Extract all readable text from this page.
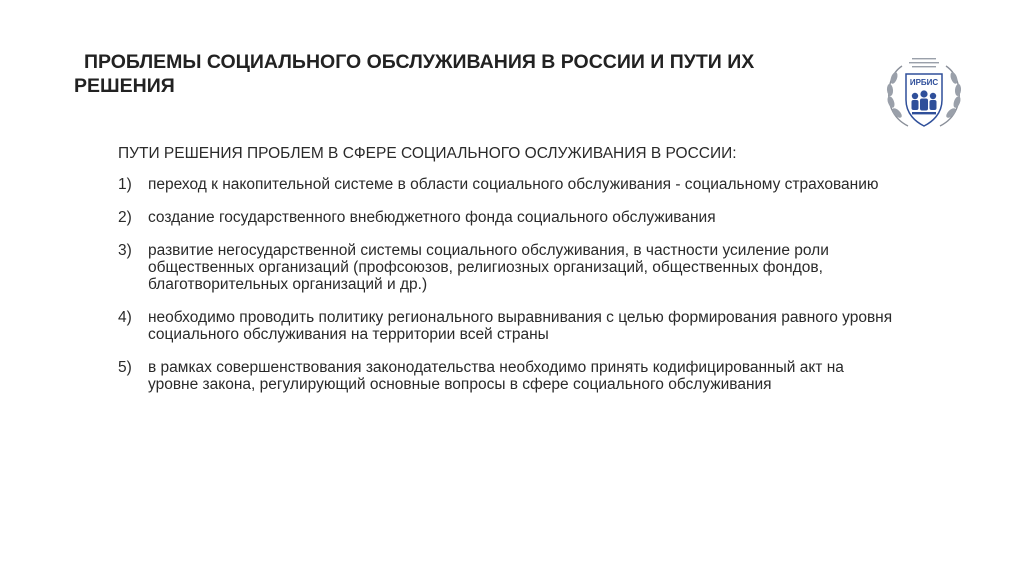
ПРОБЛЕМЫ СОЦИАЛЬНОГО ОБСЛУЖИВАНИЯ В РОССИИ И ПУТИ ИХ РЕШЕНИЯ	ИРБИС
ПУТИ РЕШЕНИЯ ПРОБЛЕМ В СФЕРЕ СОЦИАЛЬНОГО ОСЛУЖИВАНИЯ В РОССИИ:
1)	переход к накопительной системе в области социального обслуживания - социальному страхованию
2)	создание государственного внебюджетного фонда социального обслуживания
3)	развитие негосударственной системы социального обслуживания, в частности усиление роли общественных организаций (профсоюзов, религиозных организаций, общественных фондов, благотворительных организаций и др.)
4)	необходимо проводить политику регионального выравнивания с целью формирования равного уровня социального обслуживания на территории всей страны
5)	в рамках совершенствования законодательства необходимо принять кодифицированный акт на уровне закона, регулирующий основные вопросы в сфере социального обслуживания
